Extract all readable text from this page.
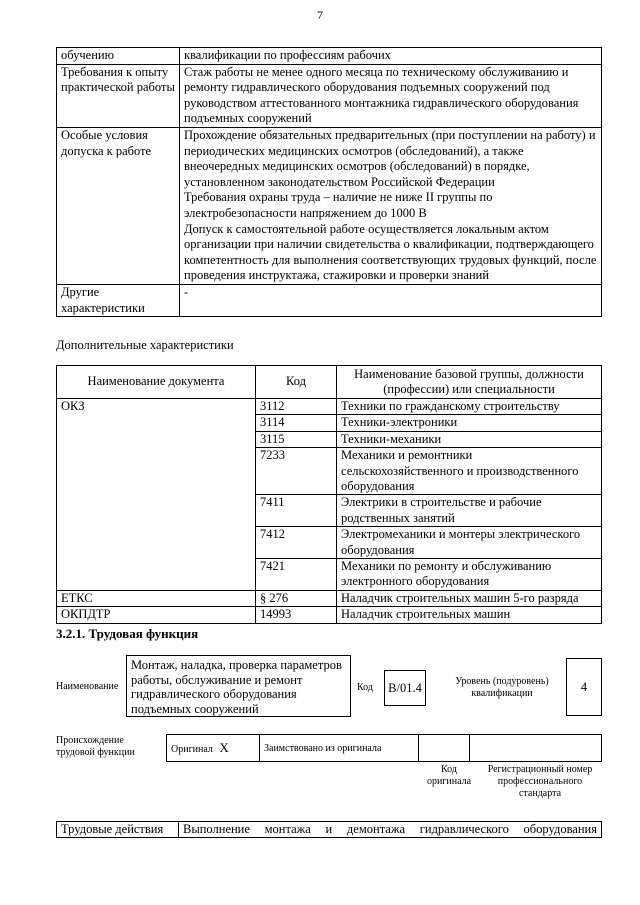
7
обучению	квалификации по профессиям рабочих
Требования к опыту практической работы	Стаж работы не менее одного месяца по техническому обслуживанию и ремонту гидравлического оборудования подъемных сооружений под руководством аттестованного монтажника гидравлического оборудования подъемных сооружений
Особые условия допуска к работе	Прохождение обязательных предварительных (при поступлении на работу) и периодических медицинских осмотров (обследований), а также внеочередных медицинских осмотров (обследований) в порядке, установленном законодательством Российской Федерации
Требования охраны труда – наличие не ниже II группы по электробезопасности напряжением до 1000 В
Допуск к самостоятельной работе осуществляется локальным актом организации при наличии свидетельства о квалификации, подтверждающего компетентность для выполнения соответствующих трудовых функций, после проведения инструктажа, стажировки и проверки знаний
Другие характеристики	-
Дополнительные характеристики
Наименование документа	Код	Наименование базовой группы, должности (профессии) или специальности
ОКЗ	3112	Техники по гражданскому строительству
	3114	Техники-электроники
	3115	Техники-механики
	7233	Механики и ремонтники сельскохозяйственного и производственного оборудования
	7411	Электрики в строительстве и рабочие родственных занятий
	7412	Электромеханики и монтеры электрического оборудования
	7421	Механики по ремонту и обслуживанию электронного оборудования
ЕТКС	§ 276	Наладчик строительных машин 5-го разряда
ОКПДТР	14993	Наладчик строительных машин
3.2.1. Трудовая функция
Наименование
Монтаж, наладка, проверка параметров работы, обслуживание и ремонт гидравлического оборудования подъемных сооружений
Код	В/01.4	Уровень (подуровень) квалификации	4
Происхождение трудовой функции	Оригинал Х	Заимствовано из оригинала		
Код оригинала
Регистрационный номер профессионального стандарта
Трудовые действия	Выполнение монтажа и демонтажа гидравлического оборудования
